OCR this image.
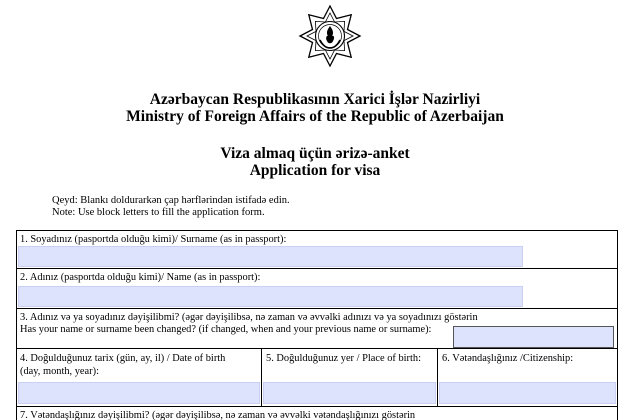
Azərbaycan Respublikasının Xarici İşlər Nazirliyi
Ministry of Foreign Affairs of the Republic of Azerbaijan
Viza almaq üçün ərizə-anket
Application for visa
Qeyd: Blankı doldurarkən çap hərflərindən istifadə edin.
Note: Use block letters to fill the application form.
1. Soyadınız (pasportda olduğu kimi)/ Surname (as in passport):
2. Adınız (pasportda olduğu kimi)/ Name (as in passport):
3. Adınız və ya soyadınız dəyişilibmi? (əgər dəyişilibsə, nə zaman və əvvəlki adınızı və ya soyadınızı göstərin
Has your name or surname been changed? (if changed, when and your previous name or surname):
4. Doğulduğunuz tarix (gün, ay, il) / Date of birth
(day, month, year):
5. Doğulduğunuz yer / Place of birth: 6. Vətəndaşlığınız /Citizenship:
7. Vətəndaşlığınız dəyişilibmi? (əgər dəyişilibsə, nə zaman və əvvəlki vətəndaşlığınızı göstərin
